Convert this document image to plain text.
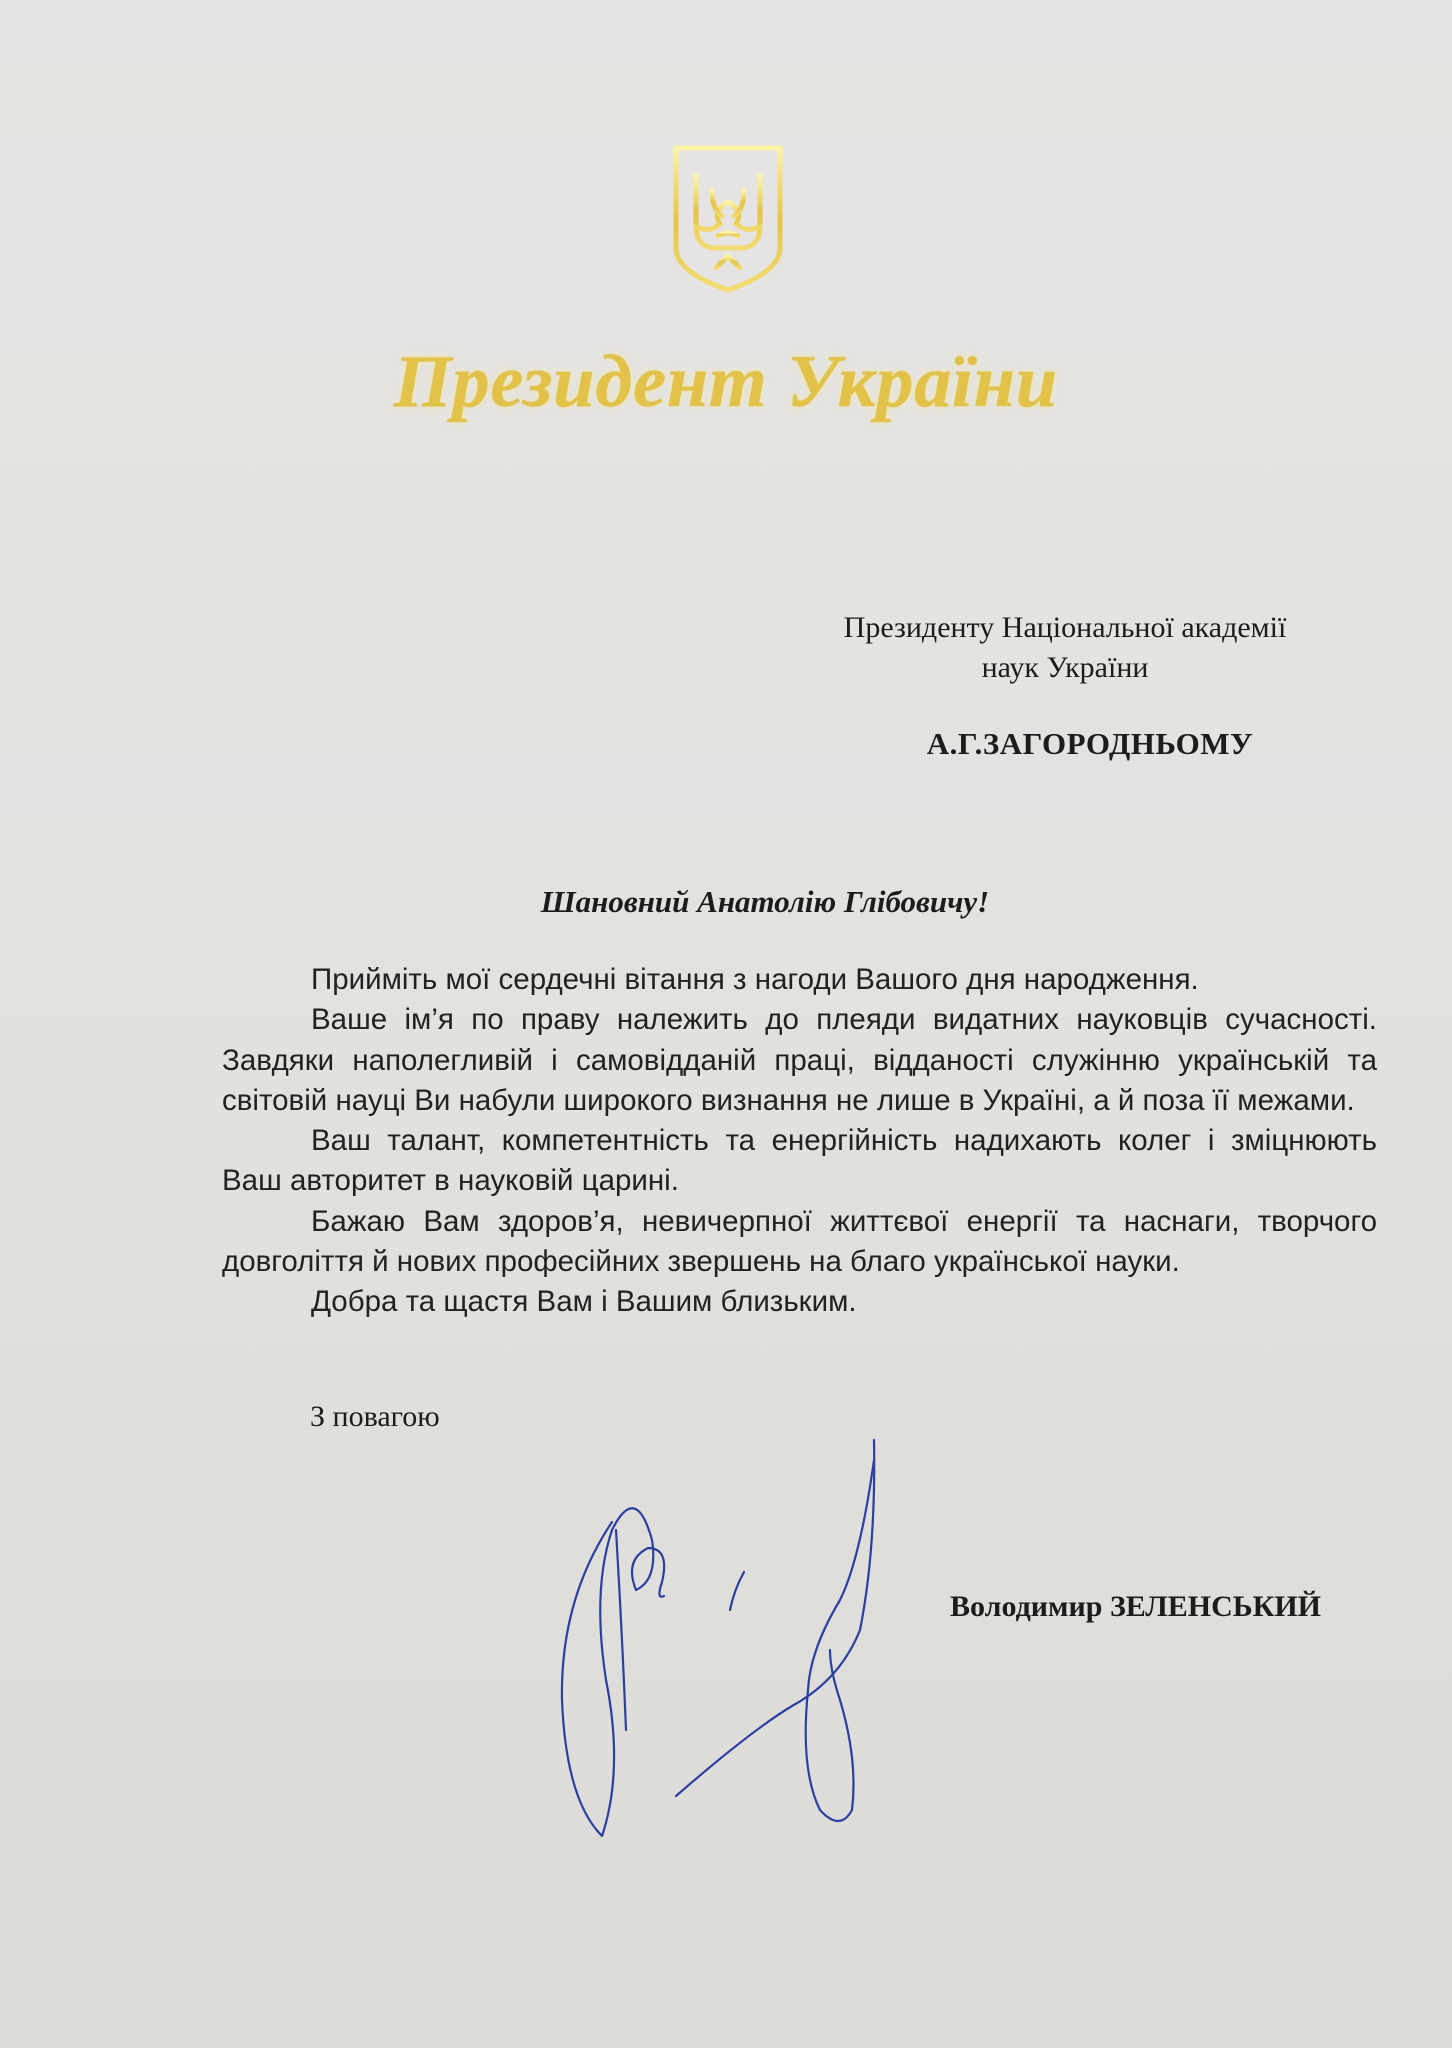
Президент України
Президенту Національної академії
наук України
А.Г.ЗАГОРОДНЬОМУ
Шановний Анатолію Глібовичу!

Прийміть мої сердечні вітання з нагоди Вашого дня народження.

Ваше ім’я по праву належить до плеяди видатних науковців сучасності. Завдяки наполегливій і самовідданій праці, відданості служінню українській та світовій науці Ви набули широкого визнання не лише в Україні, а й поза її межами.

Ваш талант, компетентність та енергійність надихають колег і зміцнюють Ваш авторитет в науковій царині.

Бажаю Вам здоров’я, невичерпної життєвої енергії та наснаги, творчого довголіття й нових професійних звершень на благо української науки.

Добра та щастя Вам і Вашим близьким.

З повагою
Володимир ЗЕЛЕНСЬКИЙ
